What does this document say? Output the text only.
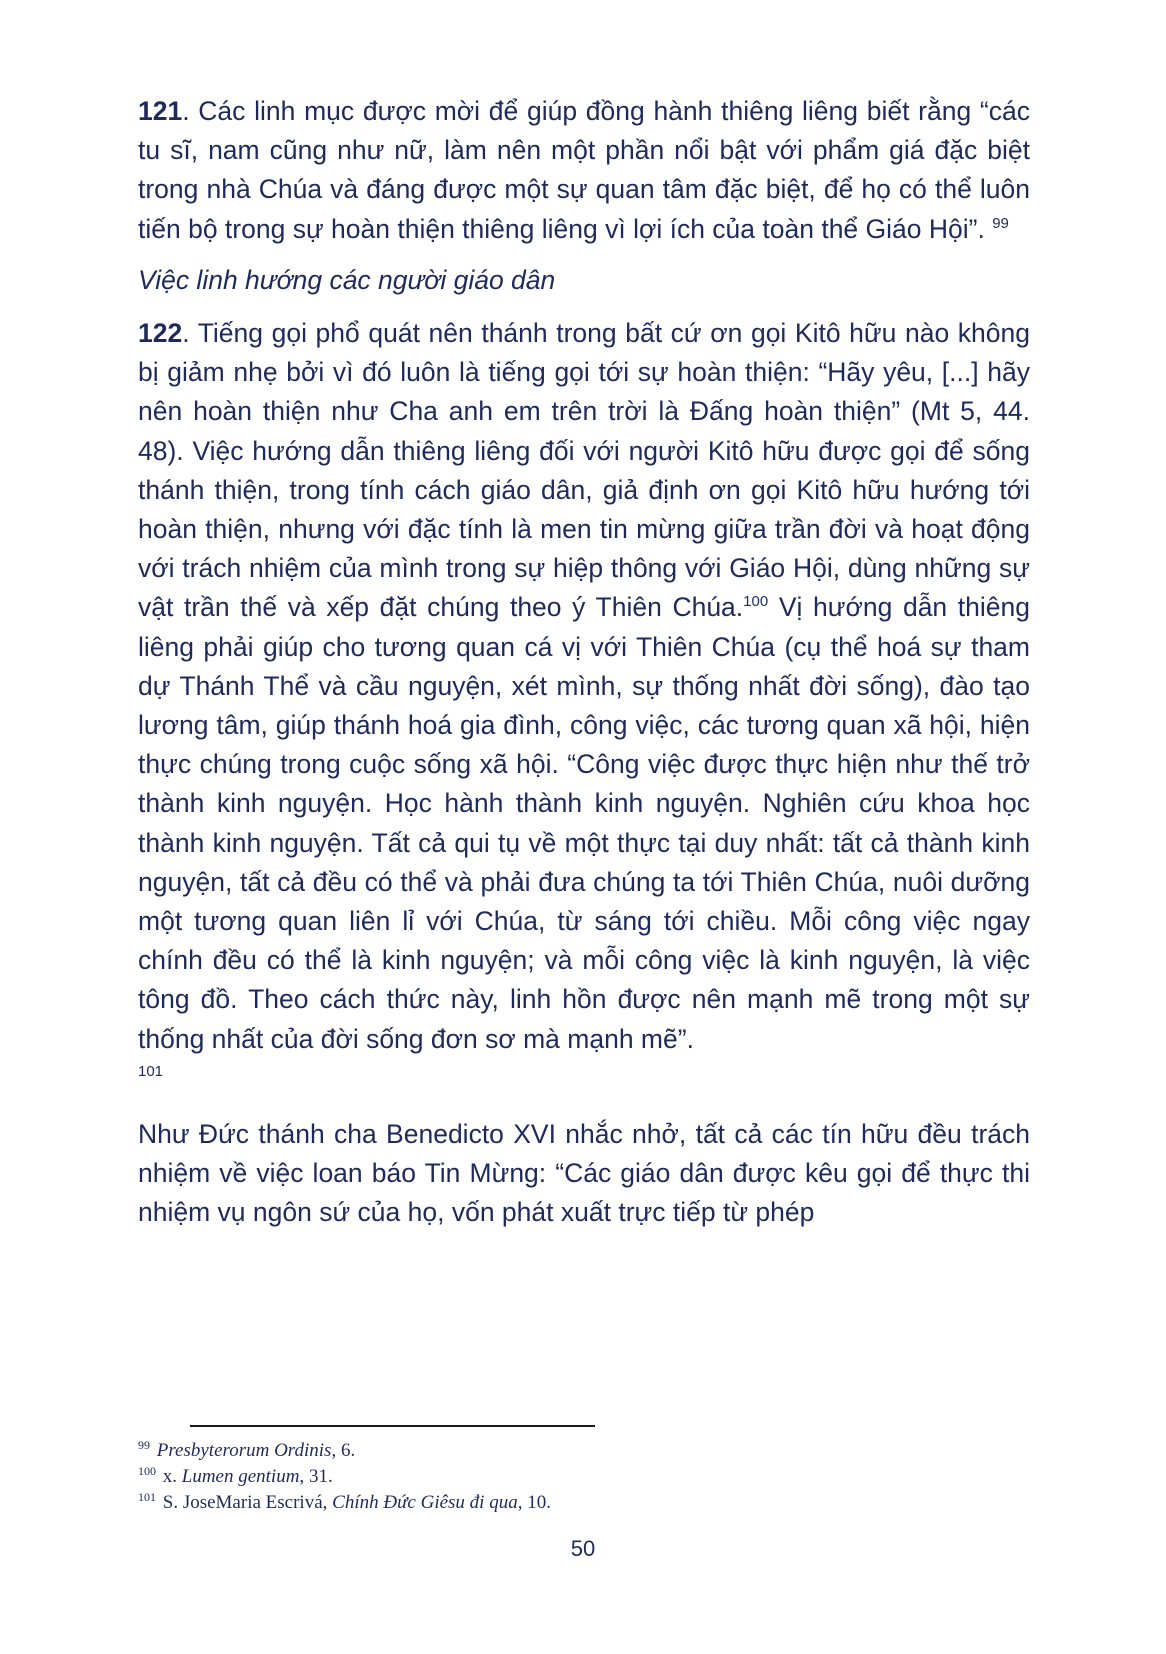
121. Các linh mục được mời để giúp đồng hành thiêng liêng biết rằng “các tu sĩ, nam cũng như nữ, làm nên một phần nổi bật với phẩm giá đặc biệt trong nhà Chúa và đáng được một sự quan tâm đặc biệt, để họ có thể luôn tiến bộ trong sự hoàn thiện thiêng liêng vì lợi ích của toàn thể Giáo Hội”. $^{99}$

Việc linh hướng các người giáo dân

122. Tiếng gọi phổ quát nên thánh trong bất cứ ơn gọi Kitô hữu nào không bị giảm nhẹ bởi vì đó luôn là tiếng gọi tới sự hoàn thiện: “Hãy yêu, [...] hãy nên hoàn thiện như Cha anh em trên trời là Đấng hoàn thiện” (Mt 5, 44. 48). Việc hướng dẫn thiêng liêng đối với người Kitô hữu được gọi để sống thánh thiện, trong tính cách giáo dân, giả định ơn gọi Kitô hữu hướng tới hoàn thiện, nhưng với đặc tính là men tin mừng giữa trần đời và hoạt động với trách nhiệm của mình trong sự hiệp thông với Giáo Hội, dùng những sự vật trần thế và xếp đặt chúng theo ý Thiên Chúa.$^{100}$ Vị hướng dẫn thiêng liêng phải giúp cho tương quan cá vị với Thiên Chúa (cụ thể hoá sự tham dự Thánh Thể và cầu nguyện, xét mình, sự thống nhất đời sống), đào tạo lương tâm, giúp thánh hoá gia đình, công việc, các tương quan xã hội, hiện thực chúng trong cuộc sống xã hội. “Công việc được thực hiện như thế trở thành kinh nguyện. Học hành thành kinh nguyện. Nghiên cứu khoa học thành kinh nguyện. Tất cả qui tụ về một thực tại duy nhất: tất cả thành kinh nguyện, tất cả đều có thể và phải đưa chúng ta tới Thiên Chúa, nuôi dưỡng một tương quan liên lỉ với Chúa, từ sáng tới chiều. Mỗi công việc ngay chính đều có thể là kinh nguyện; và mỗi công việc là kinh nguyện, là việc tông đồ. Theo cách thức này, linh hồn được nên mạnh mẽ trong một sự thống nhất của đời sống đơn sơ mà mạnh mẽ”.
101

Như Đức thánh cha Benedicto XVI nhắc nhở, tất cả các tín hữu đều trách nhiệm về việc loan báo Tin Mừng: “Các giáo dân được kêu gọi để thực thi nhiệm vụ ngôn sứ của họ, vốn phát xuất trực tiếp từ phép

$^{99}$ Presbyterorum Ordinis, 6.

$^{100}$ x. Lumen gentium, 31.

$^{101}$ S. JoseMaria Escrivá, Chính Đức Giêsu đi qua, 10.

50
